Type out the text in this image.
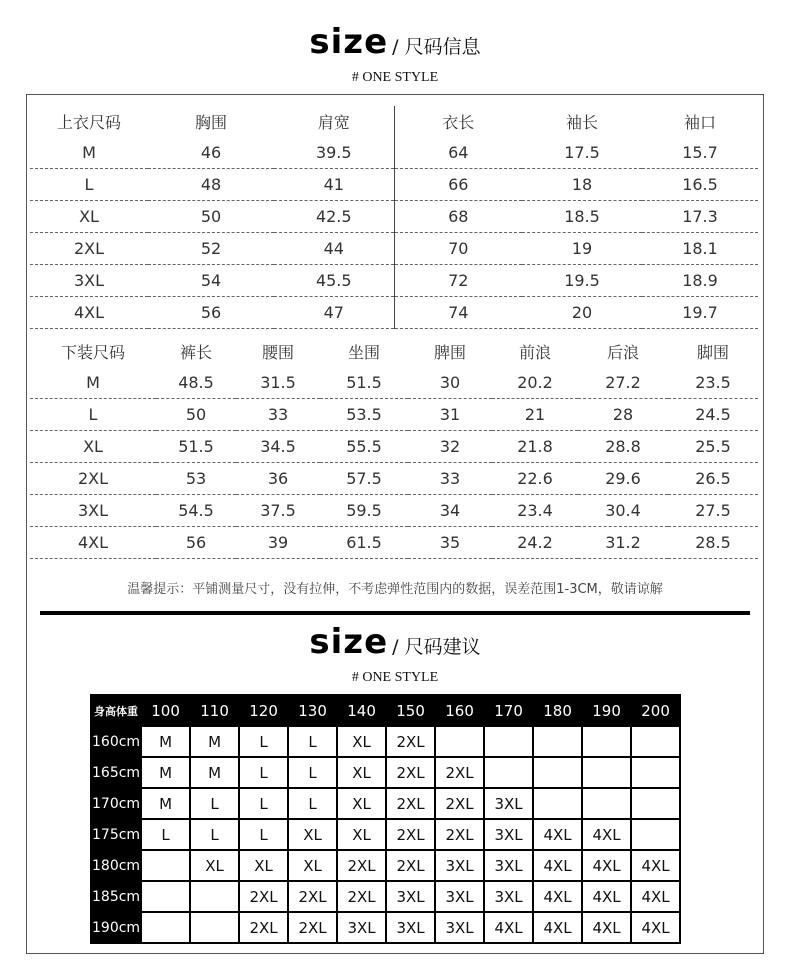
size / 尺码信息
# ONE STYLE
上衣尺码	胸围	肩宽	衣长	袖长	袖口
M	46	39.5	64	17.5	15.7
L	48	41	66	18	16.5
XL	50	42.5	68	18.5	17.3
2XL	52	44	70	19	18.1
3XL	54	45.5	72	19.5	18.9
4XL	56	47	74	20	19.7
下装尺码	裤长	腰围	坐围	脾围	前浪	后浪	脚围
M	48.5	31.5	51.5	30	20.2	27.2	23.5
L	50	33	53.5	31	21	28	24.5
XL	51.5	34.5	55.5	32	21.8	28.8	25.5
2XL	53	36	57.5	33	22.6	29.6	26.5
3XL	54.5	37.5	59.5	34	23.4	30.4	27.5
4XL	56	39	61.5	35	24.2	31.2	28.5
温馨提示：平铺测量尺寸，没有拉伸，不考虑弹性范围内的数据，误差范围1-3CM，敬请谅解
size / 尺码建议
# ONE STYLE
身高体重	100	110	120	130	140	150	160	170	180	190	200
160cm	M	M	L	L	XL	2XL					
165cm	M	M	L	L	XL	2XL	2XL				
170cm	M	L	L	L	XL	2XL	2XL	3XL			
175cm	L	L	L	XL	XL	2XL	2XL	3XL	4XL	4XL	
180cm		XL	XL	XL	2XL	2XL	3XL	3XL	4XL	4XL	4XL
185cm			2XL	2XL	2XL	3XL	3XL	3XL	4XL	4XL	4XL
190cm			2XL	2XL	3XL	3XL	3XL	4XL	4XL	4XL	4XL
